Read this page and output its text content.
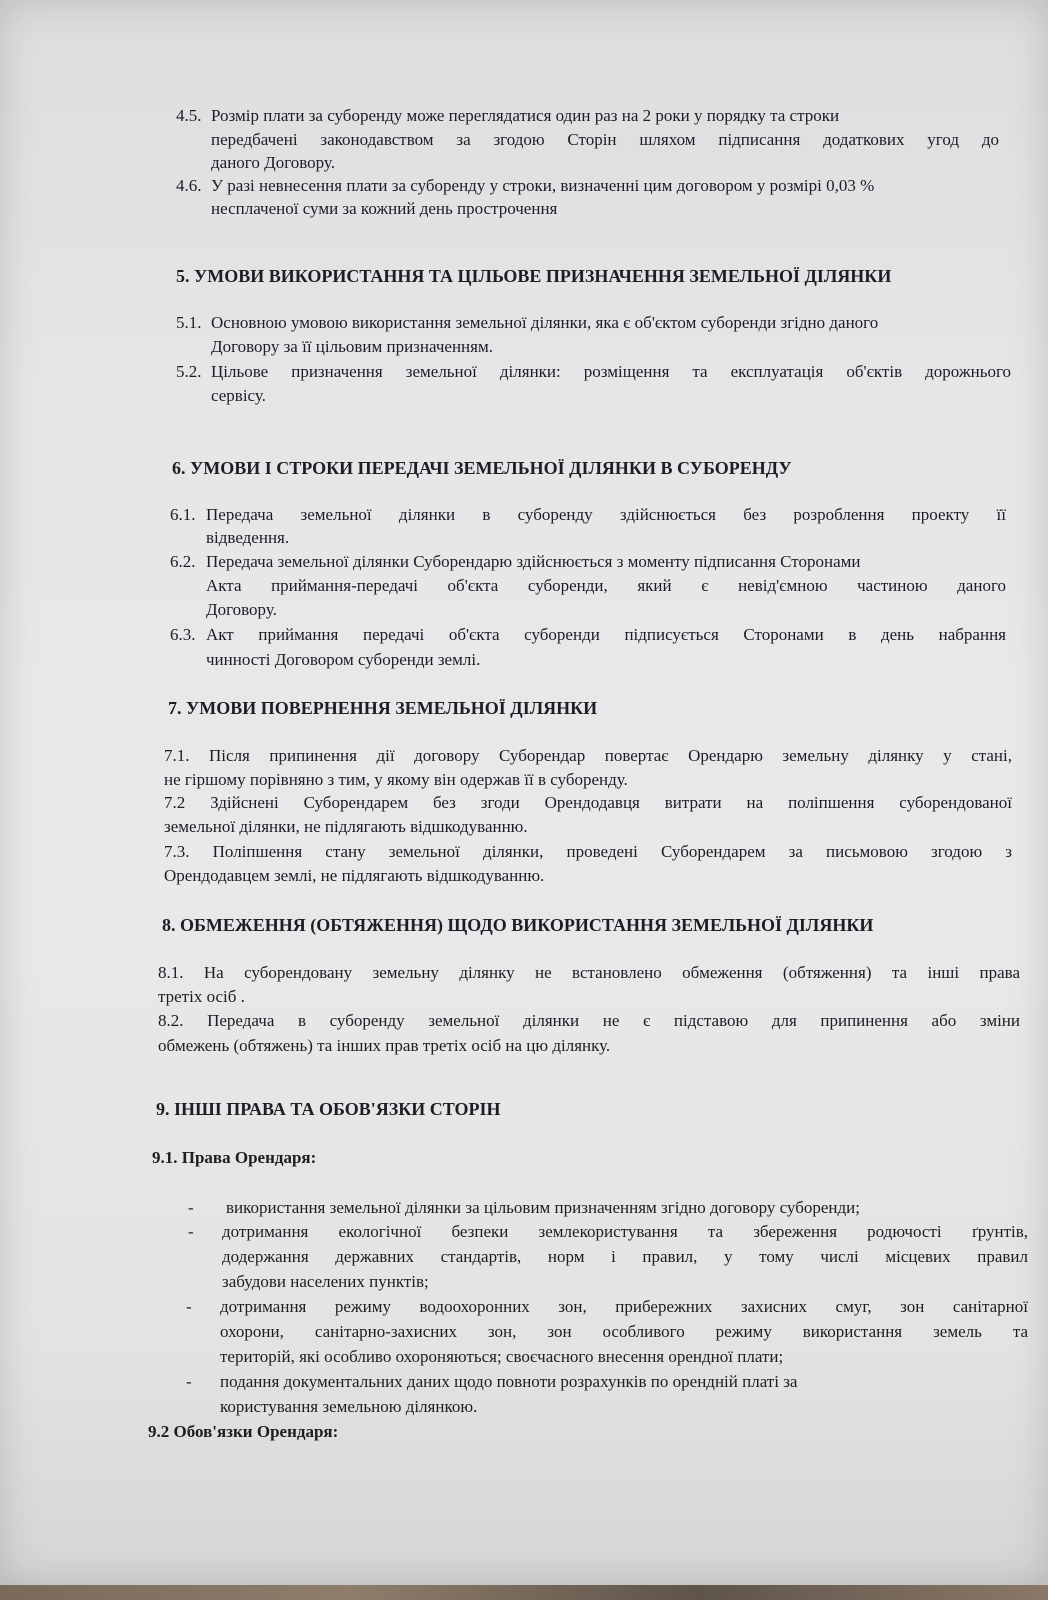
4.5. Розмір плати за суборенду може переглядатися один раз на 2 роки у порядку та строки
передбачені законодавством за згодою Сторін шляхом підписання додаткових угод до
даного Договору.
4.6. У разі невнесення плати за суборенду у строки, визначенні цим договором у розмірі 0,03 %
несплаченої суми за кожний день прострочення
5. УМОВИ ВИКОРИСТАННЯ ТА ЦІЛЬОВЕ ПРИЗНАЧЕННЯ ЗЕМЕЛЬНОЇ ДІЛЯНКИ
5.1. Основною умовою використання земельної ділянки, яка є об'єктом суборенди згідно даного
Договору за її цільовим призначенням.
5.2. Цільове призначення земельної ділянки: розміщення та експлуатація об'єктів дорожнього
сервісу.
6. УМОВИ І СТРОКИ ПЕРЕДАЧІ ЗЕМЕЛЬНОЇ ДІЛЯНКИ В СУБОРЕНДУ
6.1. Передача земельної ділянки в суборенду здійснюється без розроблення проекту її
відведення.
6.2. Передача земельної ділянки Суборендарю здійснюється з моменту підписання Сторонами
Акта приймання-передачі об'єкта суборенди, який є невід'ємною частиною даного
Договору.
6.3. Акт приймання передачі об'єкта суборенди підписується Сторонами в день набрання
чинності Договором суборенди землі.
7. УМОВИ ПОВЕРНЕННЯ ЗЕМЕЛЬНОЇ ДІЛЯНКИ
7.1. Після припинення дії договору Суборендар повертає Орендарю земельну ділянку у стані,
не гіршому порівняно з тим, у якому він одержав її в суборенду.
7.2 Здійснені Суборендарем без згоди Орендодавця витрати на поліпшення суборендованої
земельної ділянки, не підлягають відшкодуванню.
7.3. Поліпшення стану земельної ділянки, проведені Суборендарем за письмовою згодою з
Орендодавцем землі, не підлягають відшкодуванню.
8. ОБМЕЖЕННЯ (ОБТЯЖЕННЯ) ЩОДО ВИКОРИСТАННЯ ЗЕМЕЛЬНОЇ ДІЛЯНКИ
8.1. На суборендовану земельну ділянку не встановлено обмеження (обтяження) та інші права
третіх осіб .
8.2. Передача в суборенду земельної ділянки не є підставою для припинення або зміни
обмежень (обтяжень) та інших прав третіх осіб на цю ділянку.
9. ІНШІ ПРАВА ТА ОБОВ'ЯЗКИ СТОРІН
9.1. Права Орендаря:
- використання земельної ділянки за цільовим призначенням згідно договору суборенди;
- дотримання екологічної безпеки землекористування та збереження родючості ґрунтів,
додержання державних стандартів, норм і правил, у тому числі місцевих правил
забудови населених пунктів;
- дотримання режиму водоохоронних зон, прибережних захисних смуг, зон санітарної
охорони, санітарно-захисних зон, зон особливого режиму використання земель та
територій, які особливо охороняються; своєчасного внесення орендної плати;
- подання документальних даних щодо повноти розрахунків по орендній платі за
користування земельною ділянкою.
9.2 Обов'язки Орендаря:
